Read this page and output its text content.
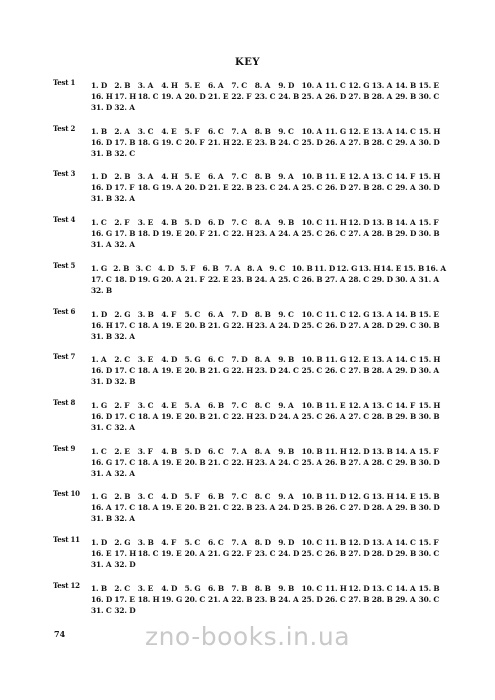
KEY
Test 1 1. D 2. B 3. A 4. H 5. E 6. A 7. C 8. A 9. D 10. A 11. C 12. G 13. A 14. B 15. E
16. H 17. H 18. C 19. A 20. D 21. E 22. F 23. C 24. B 25. A 26. D 27. B 28. A 29. B 30. C
31. D 32. A
Test 2 1. B 2. A 3. C 4. E 5. F 6. C 7. A 8. B 9. C 10. A 11. G 12. E 13. A 14. C 15. H
16. D 17. B 18. G 19. C 20. F 21. H 22. E 23. B 24. C 25. D 26. A 27. B 28. C 29. A 30. D
31. B 32. C
Test 3 1. D 2. B 3. A 4. H 5. E 6. A 7. C 8. B 9. A 10. B 11. E 12. A 13. C 14. F 15. H
16. D 17. F 18. G 19. A 20. D 21. E 22. B 23. C 24. A 25. C 26. D 27. B 28. C 29. A 30. D
31. B 32. A
Test 4 1. C 2. F 3. E 4. B 5. D 6. D 7. C 8. A 9. B 10. C 11. H 12. D 13. B 14. A 15. F
16. G 17. B 18. D 19. E 20. F 21. C 22. H 23. A 24. A 25. C 26. C 27. A 28. B 29. D 30. B
31. A 32. A
Test 5 1. G 2. B 3. C 4. D 5. F 6. B 7. A 8. A 9. C 10. B 11. D 12. G 13. H 14. E 15. B 16. A
17. C 18. D 19. G 20. A 21. F 22. E 23. B 24. A 25. C 26. B 27. A 28. C 29. D 30. A 31. A
32. B
Test 6 1. D 2. G 3. B 4. F 5. C 6. A 7. D 8. B 9. C 10. C 11. C 12. G 13. A 14. B 15. E
16. H 17. C 18. A 19. E 20. B 21. G 22. H 23. A 24. D 25. C 26. D 27. A 28. D 29. C 30. B
31. B 32. A
Test 7 1. A 2. C 3. E 4. D 5. G 6. C 7. D 8. A 9. B 10. B 11. G 12. E 13. A 14. C 15. H
16. D 17. C 18. A 19. E 20. B 21. G 22. H 23. D 24. C 25. C 26. C 27. B 28. A 29. D 30. A
31. D 32. B
Test 8 1. G 2. F 3. C 4. E 5. A 6. B 7. C 8. C 9. A 10. B 11. E 12. A 13. C 14. F 15. H
16. D 17. C 18. A 19. E 20. B 21. C 22. H 23. D 24. A 25. C 26. A 27. C 28. B 29. B 30. B
31. C 32. A
Test 9 1. C 2. E 3. F 4. B 5. D 6. C 7. A 8. A 9. B 10. B 11. H 12. D 13. B 14. A 15. F
16. G 17. C 18. A 19. E 20. B 21. C 22. H 23. A 24. C 25. A 26. B 27. A 28. C 29. B 30. D
31. A 32. A
Test 10 1. G 2. B 3. C 4. D 5. F 6. B 7. C 8. C 9. A 10. B 11. D 12. G 13. H 14. E 15. B
16. A 17. C 18. A 19. E 20. B 21. C 22. B 23. A 24. D 25. B 26. C 27. D 28. A 29. B 30. D
31. B 32. A
Test 11 1. D 2. G 3. B 4. F 5. C 6. C 7. A 8. D 9. D 10. C 11. B 12. D 13. A 14. C 15. F
16. E 17. H 18. C 19. E 20. A 21. G 22. F 23. C 24. D 25. C 26. B 27. D 28. D 29. B 30. C
31. A 32. D
Test 12 1. B 2. C 3. E 4. D 5. G 6. B 7. B 8. B 9. B 10. C 11. H 12. D 13. C 14. A 15. B
16. D 17. E 18. H 19. G 20. C 21. A 22. B 23. B 24. A 25. D 26. C 27. B 28. B 29. A 30. C
31. C 32. D
74	zno-books.in.ua
